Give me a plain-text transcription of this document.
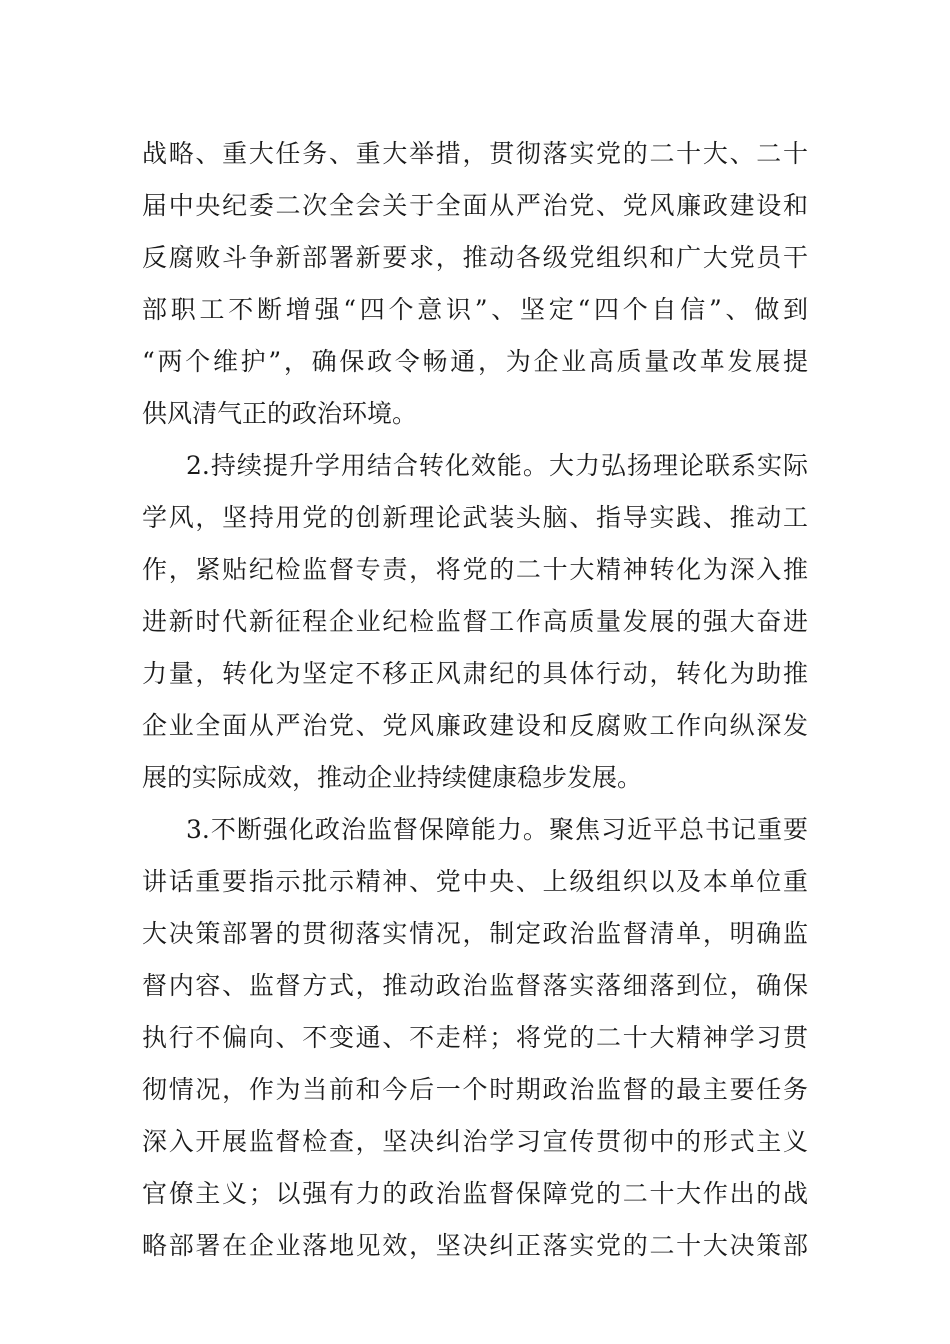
战略、重大任务、重大举措，贯彻落实党的二十大、二十
届中央纪委二次全会关于全面从严治党、党风廉政建设和
反腐败斗争新部署新要求，推动各级党组织和广大党员干
部职工不断增强“四个意识”、坚定“四个自信”、做到
“两个维护”，确保政令畅通，为企业高质量改革发展提
供风清气正的政治环境。
2.持续提升学用结合转化效能。大力弘扬理论联系实际
学风，坚持用党的创新理论武装头脑、指导实践、推动工
作，紧贴纪检监督专责，将党的二十大精神转化为深入推
进新时代新征程企业纪检监督工作高质量发展的强大奋进
力量，转化为坚定不移正风肃纪的具体行动，转化为助推
企业全面从严治党、党风廉政建设和反腐败工作向纵深发
展的实际成效，推动企业持续健康稳步发展。
3.不断强化政治监督保障能力。聚焦习近平总书记重要
讲话重要指示批示精神、党中央、上级组织以及本单位重
大决策部署的贯彻落实情况，制定政治监督清单，明确监
督内容、监督方式，推动政治监督落实落细落到位，确保
执行不偏向、不变通、不走样；将党的二十大精神学习贯
彻情况，作为当前和今后一个时期政治监督的最主要任务
深入开展监督检查，坚决纠治学习宣传贯彻中的形式主义
官僚主义；以强有力的政治监督保障党的二十大作出的战
略部署在企业落地见效，坚决纠正落实党的二十大决策部
